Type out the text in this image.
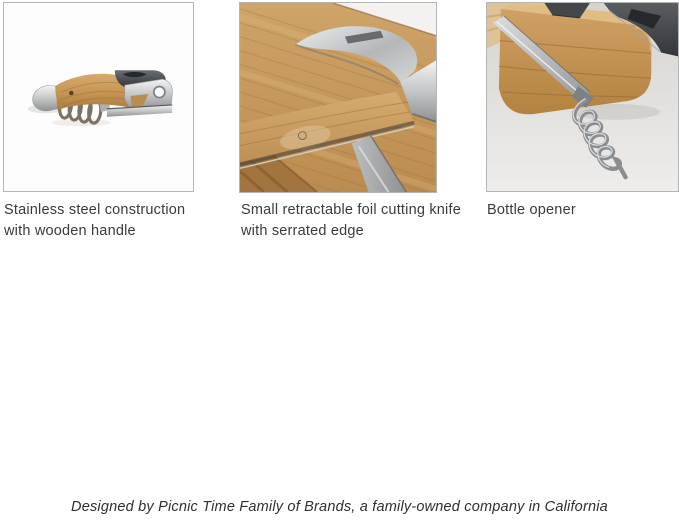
Stainless steel construction
with wooden handle
Small retractable foil cutting knife
with serrated edge
Bottle opener
Designed by Picnic Time Family of Brands, a family-owned company in California
